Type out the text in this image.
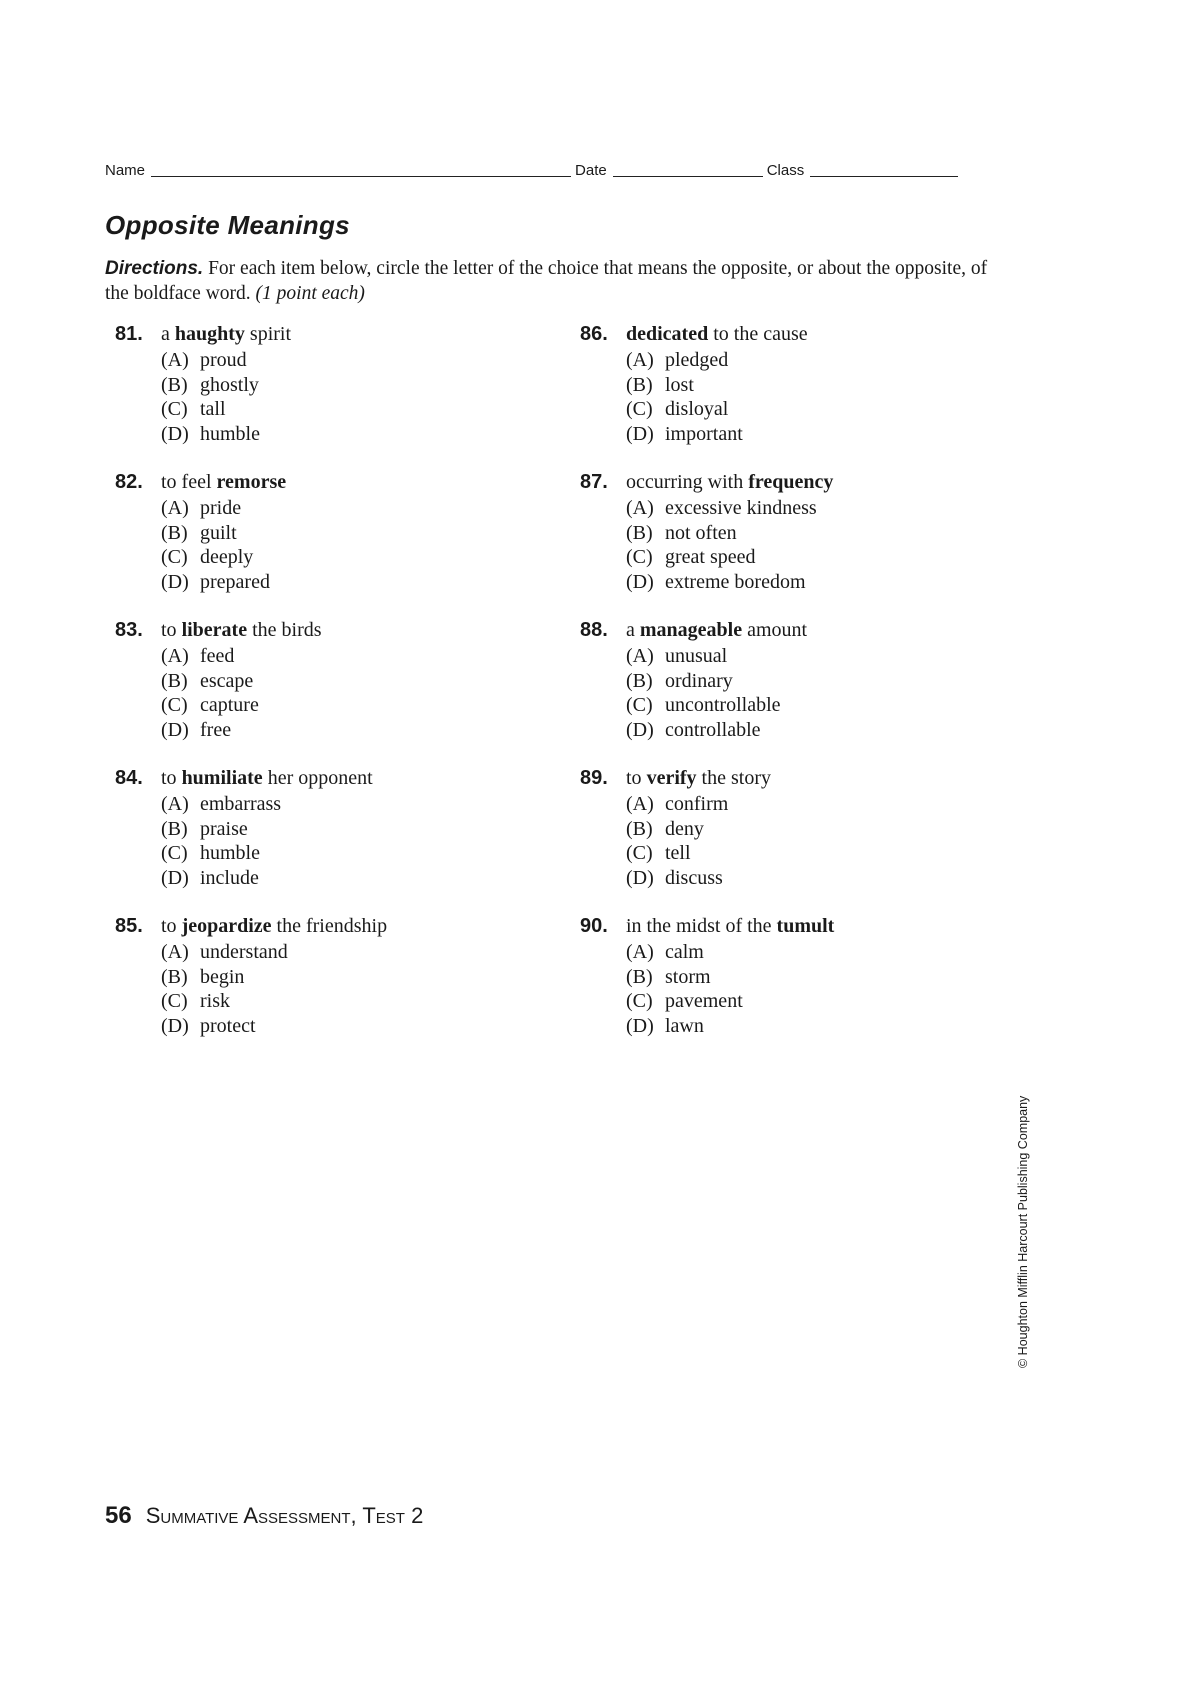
Name	Date	Class
Opposite Meanings
Directions. For each item below, circle the letter of the choice that means the opposite, or about the opposite, of the boldface word. (1 point each)
81. a haughty spirit
(A) proud
(B) ghostly
(C) tall
(D) humble
82. to feel remorse
(A) pride
(B) guilt
(C) deeply
(D) prepared
83. to liberate the birds
(A) feed
(B) escape
(C) capture
(D) free
84. to humiliate her opponent
(A) embarrass
(B) praise
(C) humble
(D) include
85. to jeopardize the friendship
(A) understand
(B) begin
(C) risk
(D) protect
86. dedicated to the cause
(A) pledged
(B) lost
(C) disloyal
(D) important
87. occurring with frequency
(A) excessive kindness
(B) not often
(C) great speed
(D) extreme boredom
88. a manageable amount
(A) unusual
(B) ordinary
(C) uncontrollable
(D) controllable
89. to verify the story
(A) confirm
(B) deny
(C) tell
(D) discuss
90. in the midst of the tumult
(A) calm
(B) storm
(C) pavement
(D) lawn
© Houghton Mifflin Harcourt Publishing Company
56 Summative Assessment, Test 2
